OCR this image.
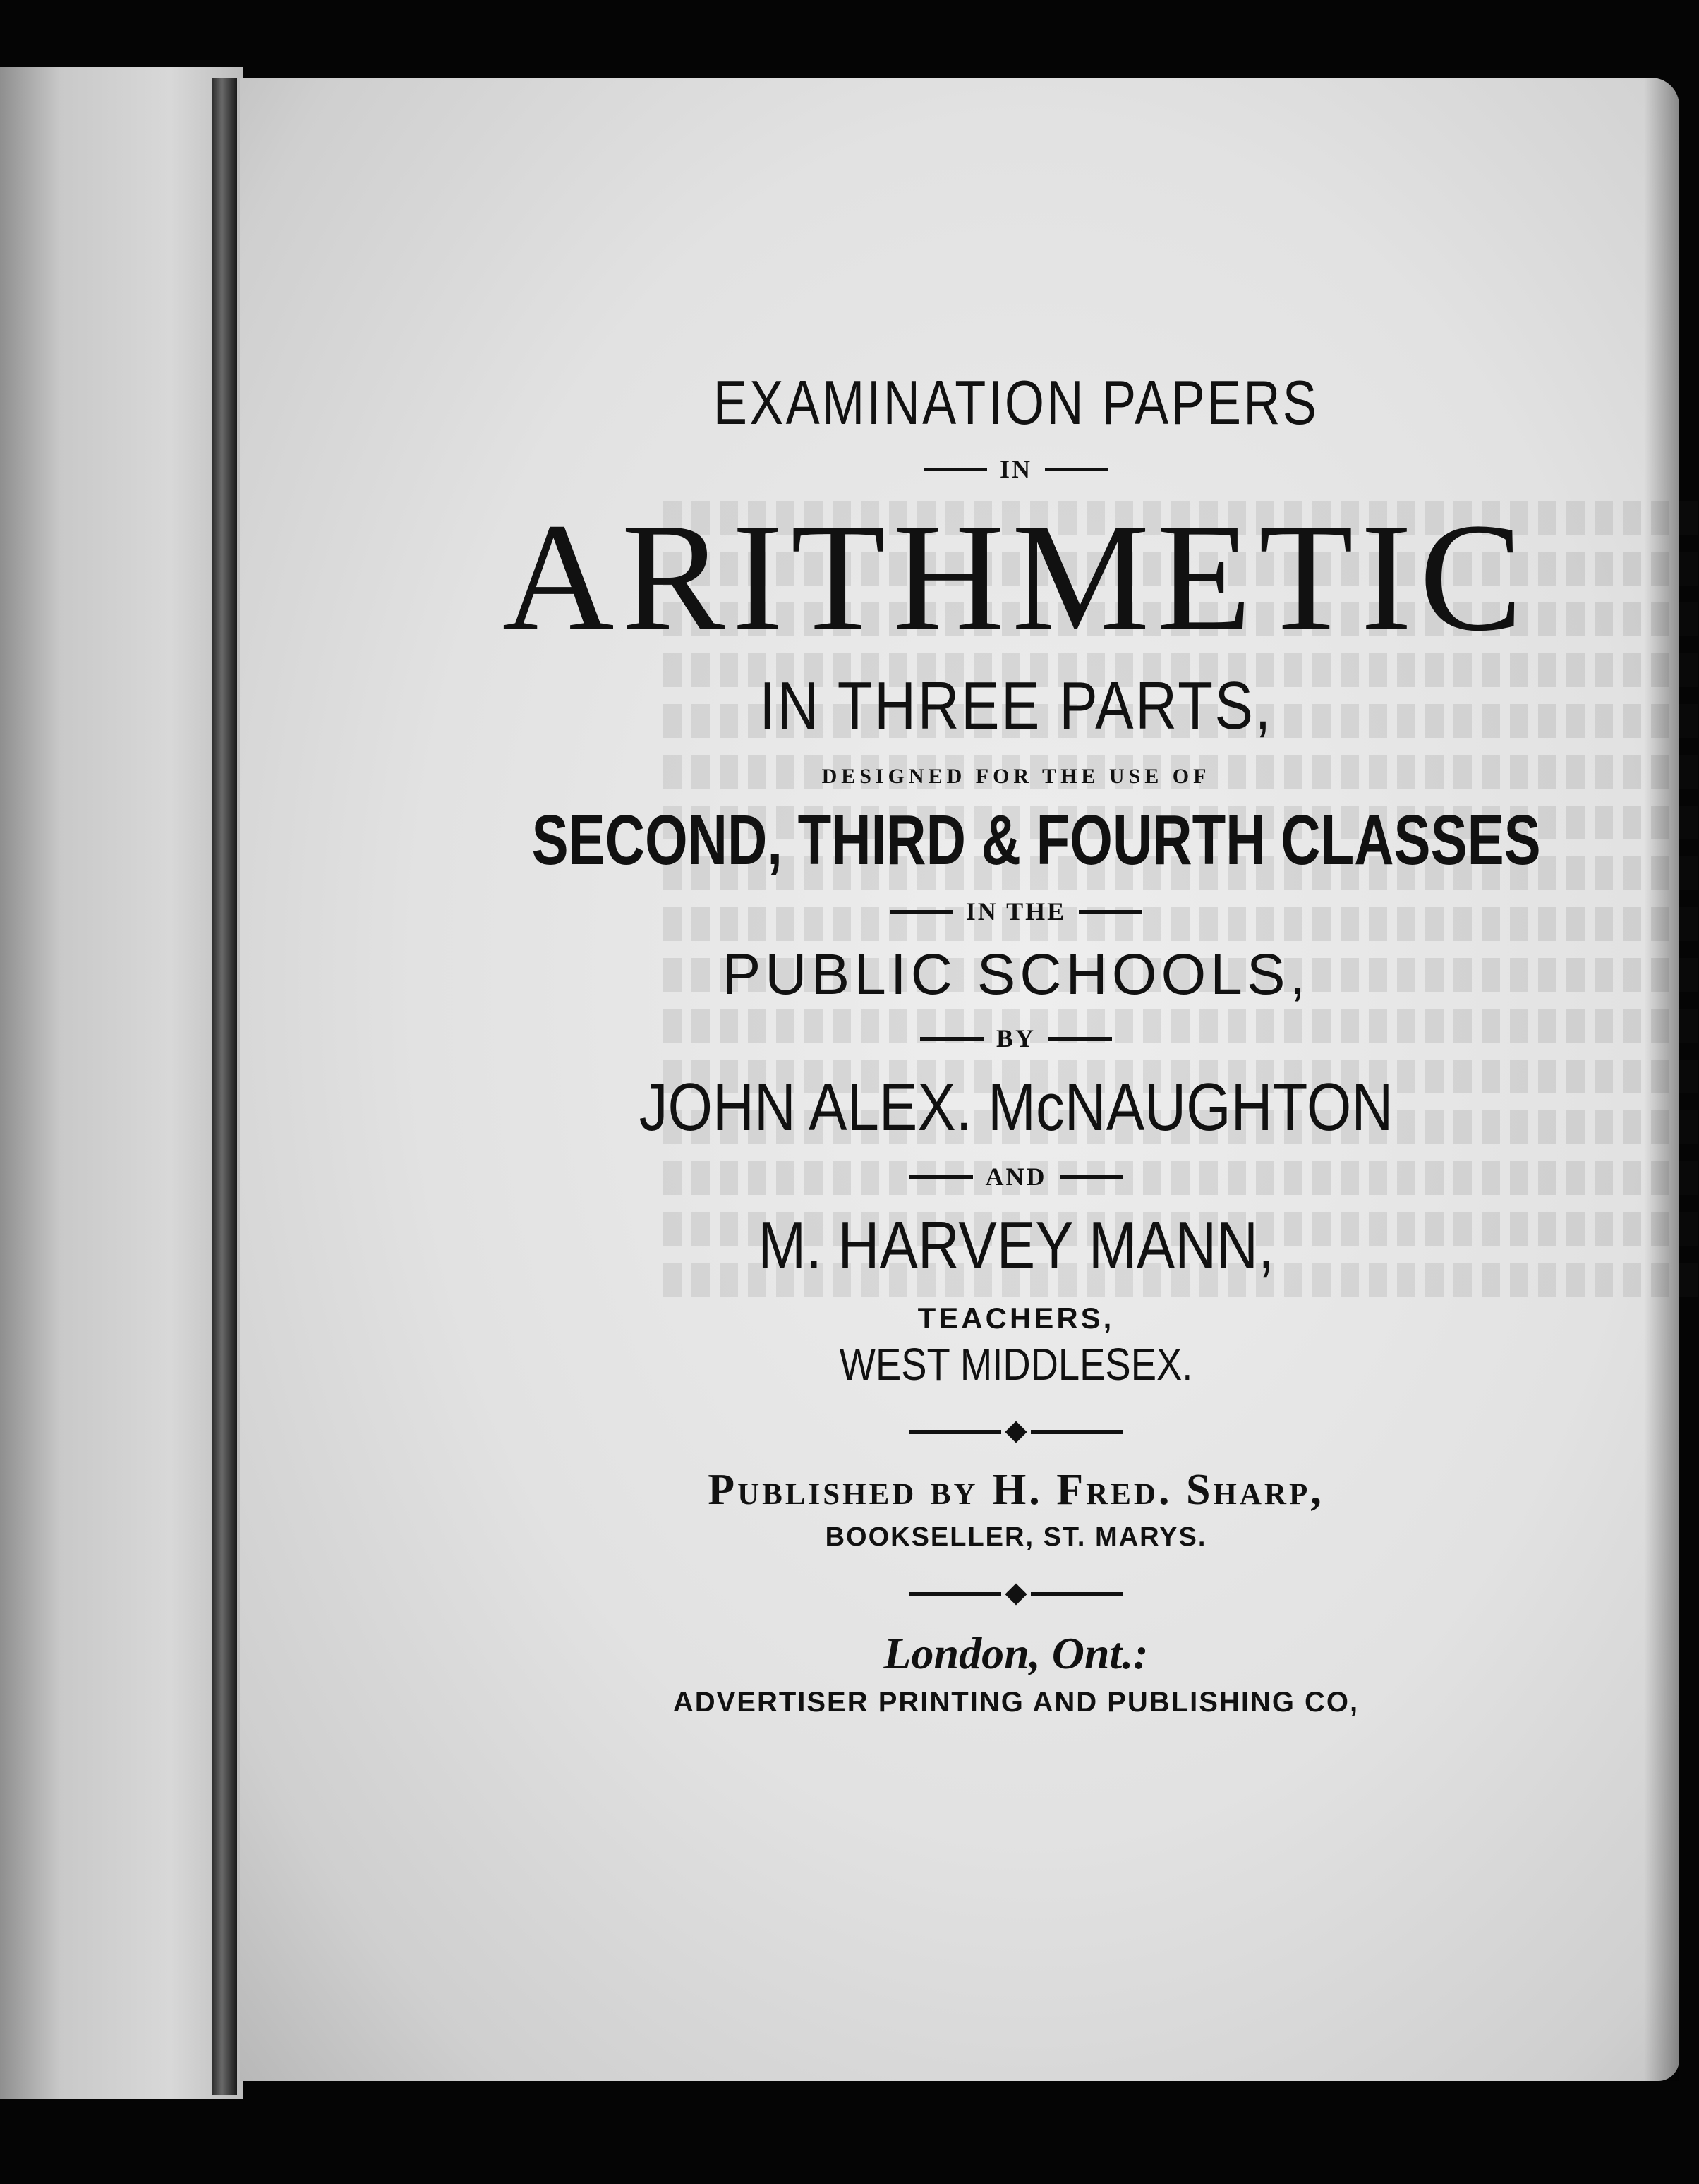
EXAMINATION PAPERS
IN
ARITHMETIC
IN THREE PARTS,
DESIGNED FOR THE USE OF
SECOND, THIRD & FOURTH CLASSES
IN THE
PUBLIC SCHOOLS,
BY
JOHN ALEX. McNAUGHTON
AND
M. HARVEY MANN,
TEACHERS,
WEST MIDDLESEX.
Published by H. Fred. Sharp,
BOOKSELLER, ST. MARYS.
London, Ont.:
ADVERTISER PRINTING AND PUBLISHING CO,
